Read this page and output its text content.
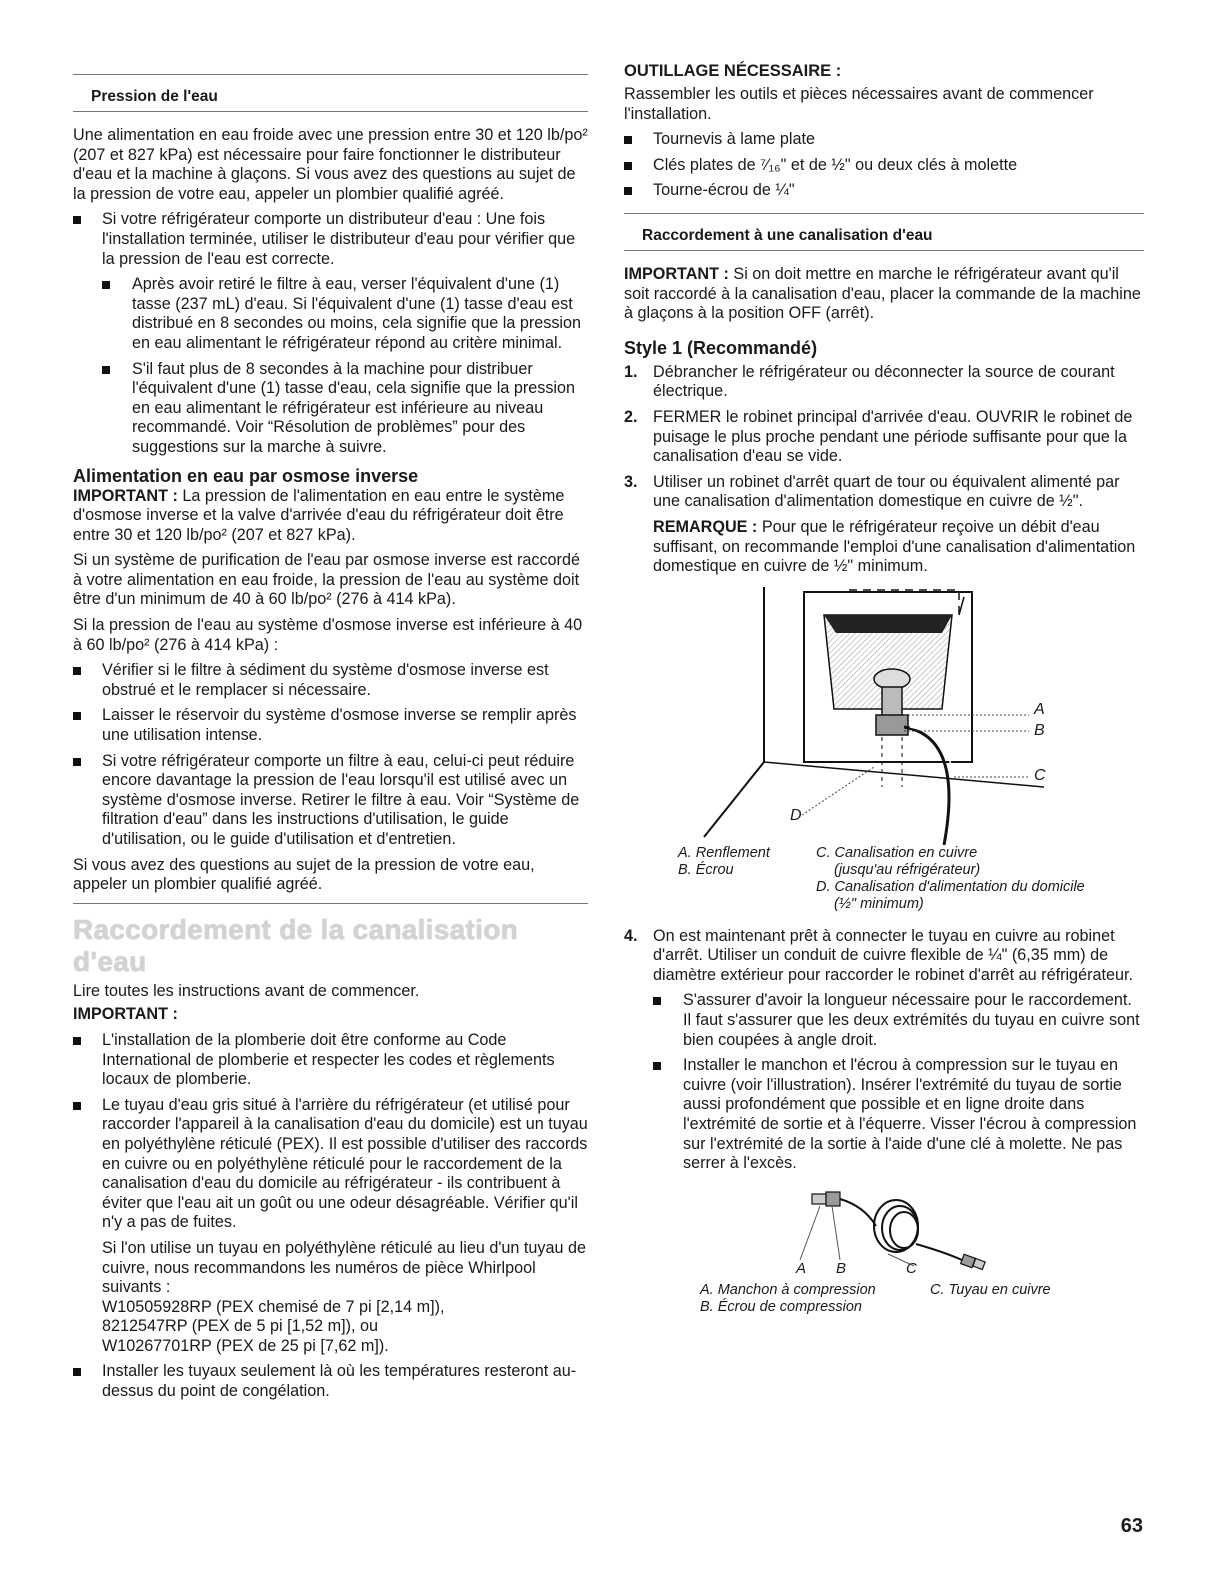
Pression de l'eau

Une alimentation en eau froide avec une pression entre 30 et 120 lb/po² (207 et 827 kPa) est nécessaire pour faire fonctionner le distributeur d'eau et la machine à glaçons. Si vous avez des questions au sujet de la pression de votre eau, appeler un plombier qualifié agréé.

Si votre réfrigérateur comporte un distributeur d'eau : Une fois l'installation terminée, utiliser le distributeur d'eau pour vérifier que la pression de l'eau est correcte.
Après avoir retiré le filtre à eau, verser l'équivalent d'une (1) tasse (237 mL) d'eau. Si l'équivalent d'une (1) tasse d'eau est distribué en 8 secondes ou moins, cela signifie que la pression en eau alimentant le réfrigérateur répond au critère minimal.
S'il faut plus de 8 secondes à la machine pour distribuer l'équivalent d'une (1) tasse d'eau, cela signifie que la pression en eau alimentant le réfrigérateur est inférieure au niveau recommandé. Voir “Résolution de problèmes” pour des suggestions sur la marche à suivre.
Alimentation en eau par osmose inverse

IMPORTANT : La pression de l'alimentation en eau entre le système d'osmose inverse et la valve d'arrivée d'eau du réfrigérateur doit être entre 30 et 120 lb/po² (207 et 827 kPa).

Si un système de purification de l'eau par osmose inverse est raccordé à votre alimentation en eau froide, la pression de l'eau au système doit être d'un minimum de 40 à 60 lb/po² (276 à 414 kPa).

Si la pression de l'eau au système d'osmose inverse est inférieure à 40 à 60 lb/po² (276 à 414 kPa) :

Vérifier si le filtre à sédiment du système d'osmose inverse est obstrué et le remplacer si nécessaire.
Laisser le réservoir du système d'osmose inverse se remplir après une utilisation intense.
Si votre réfrigérateur comporte un filtre à eau, celui-ci peut réduire encore davantage la pression de l'eau lorsqu'il est utilisé avec un système d'osmose inverse. Retirer le filtre à eau. Voir “Système de filtration d'eau” dans les instructions d'utilisation, le guide d'utilisation, ou le guide d'utilisation et d'entretien.

Si vous avez des questions au sujet de la pression de votre eau, appeler un plombier qualifié agréé.

Raccordement de la canalisation d'eau

Lire toutes les instructions avant de commencer.

IMPORTANT :

L'installation de la plomberie doit être conforme au Code International de plomberie et respecter les codes et règlements locaux de plomberie.
Le tuyau d'eau gris situé à l'arrière du réfrigérateur (et utilisé pour raccorder l'appareil à la canalisation d'eau du domicile) est un tuyau en polyéthylène réticulé (PEX). Il est possible d'utiliser des raccords en cuivre ou en polyéthylène réticulé pour le raccordement de la canalisation d'eau du domicile au réfrigérateur - ils contribuent à éviter que l'eau ait un goût ou une odeur désagréable. Vérifier qu'il n'y a pas de fuites.
Si l'on utilise un tuyau en polyéthylène réticulé au lieu d'un tuyau de cuivre, nous recommandons les numéros de pièce Whirlpool suivants :
W10505928RP (PEX chemisé de 7 pi [2,14 m]),
8212547RP (PEX de 5 pi [1,52 m]), ou
W10267701RP (PEX de 25 pi [7,62 m]).
Installer les tuyaux seulement là où les températures resteront au-dessus du point de congélation.
OUTILLAGE NÉCESSAIRE :

Rassembler les outils et pièces nécessaires avant de commencer l'installation.

Tournevis à lame plate
Clés plates de ⁷⁄₁₆" et de ½" ou deux clés à molette
Tourne-écrou de ¼"
Raccordement à une canalisation d'eau

IMPORTANT : Si on doit mettre en marche le réfrigérateur avant qu'il soit raccordé à la canalisation d'eau, placer la commande de la machine à glaçons à la position OFF (arrêt).

Style 1 (Recommandé)
1. Débrancher le réfrigérateur ou déconnecter la source de courant électrique.
2. FERMER le robinet principal d'arrivée d'eau. OUVRIR le robinet de puisage le plus proche pendant une période suffisante pour que la canalisation d'eau se vide.
3. Utiliser un robinet d'arrêt quart de tour ou équivalent alimenté par une canalisation d'alimentation domestique en cuivre de ½".

REMARQUE : Pour que le réfrigérateur reçoive un débit d'eau suffisant, on recommande l'emploi d'une canalisation d'alimentation domestique en cuivre de ½" minimum.

A
B
C
D
A. Renflement
B. Écrou
C. Canalisation en cuivre
(jusqu'au réfrigérateur)
D. Canalisation d'alimentation du domicile
(½" minimum)
4. On est maintenant prêt à connecter le tuyau en cuivre au robinet d'arrêt. Utiliser un conduit de cuivre flexible de ¼" (6,35 mm) de diamètre extérieur pour raccorder le robinet d'arrêt au réfrigérateur.
S'assurer d'avoir la longueur nécessaire pour le raccordement. Il faut s'assurer que les deux extrémités du tuyau en cuivre sont bien coupées à angle droit.
Installer le manchon et l'écrou à compression sur le tuyau en cuivre (voir l'illustration). Insérer l'extrémité du tuyau de sortie aussi profondément que possible et en ligne droite dans l'extrémité de sortie et à l'équerre. Visser l'écrou à compression sur l'extrémité de la sortie à l'aide d'une clé à molette. Ne pas serrer à l'excès.
A B	C
A. Manchon à compression
B. Écrou de compression
C. Tuyau en cuivre
63
